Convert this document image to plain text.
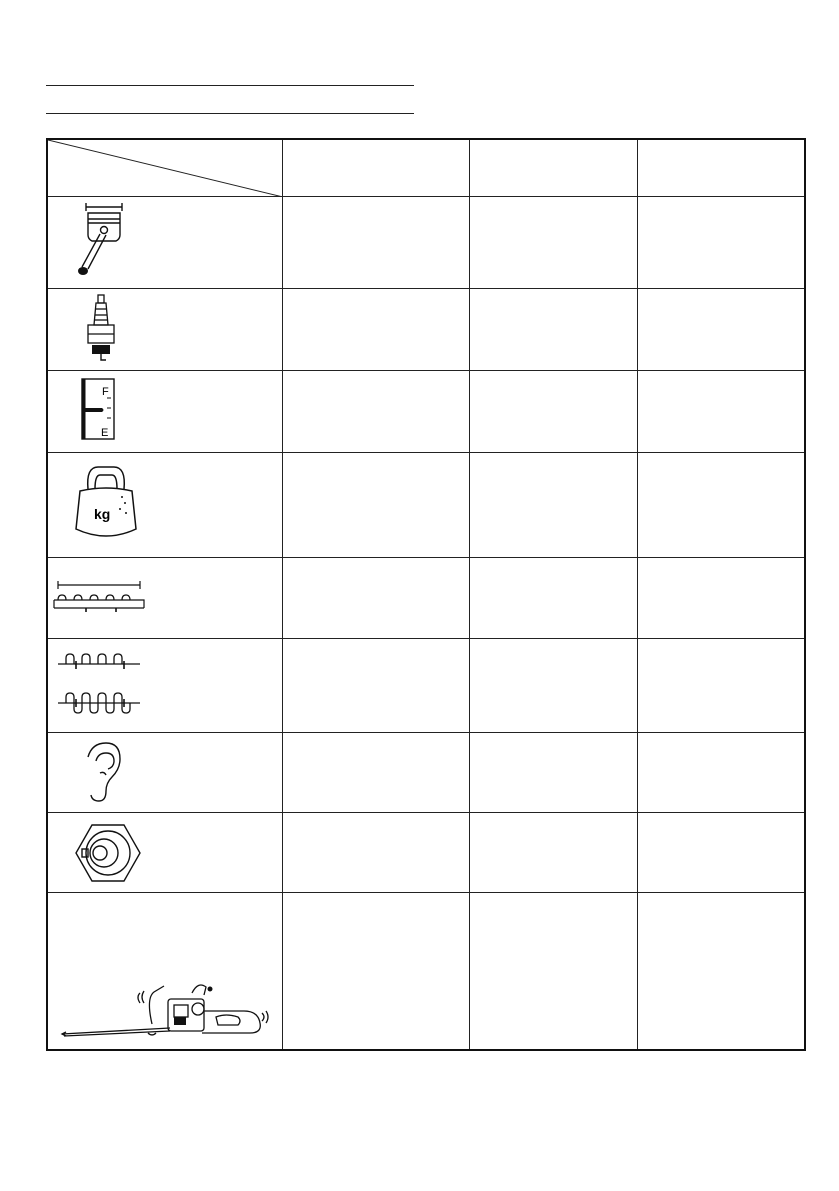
F
E			

kg			
